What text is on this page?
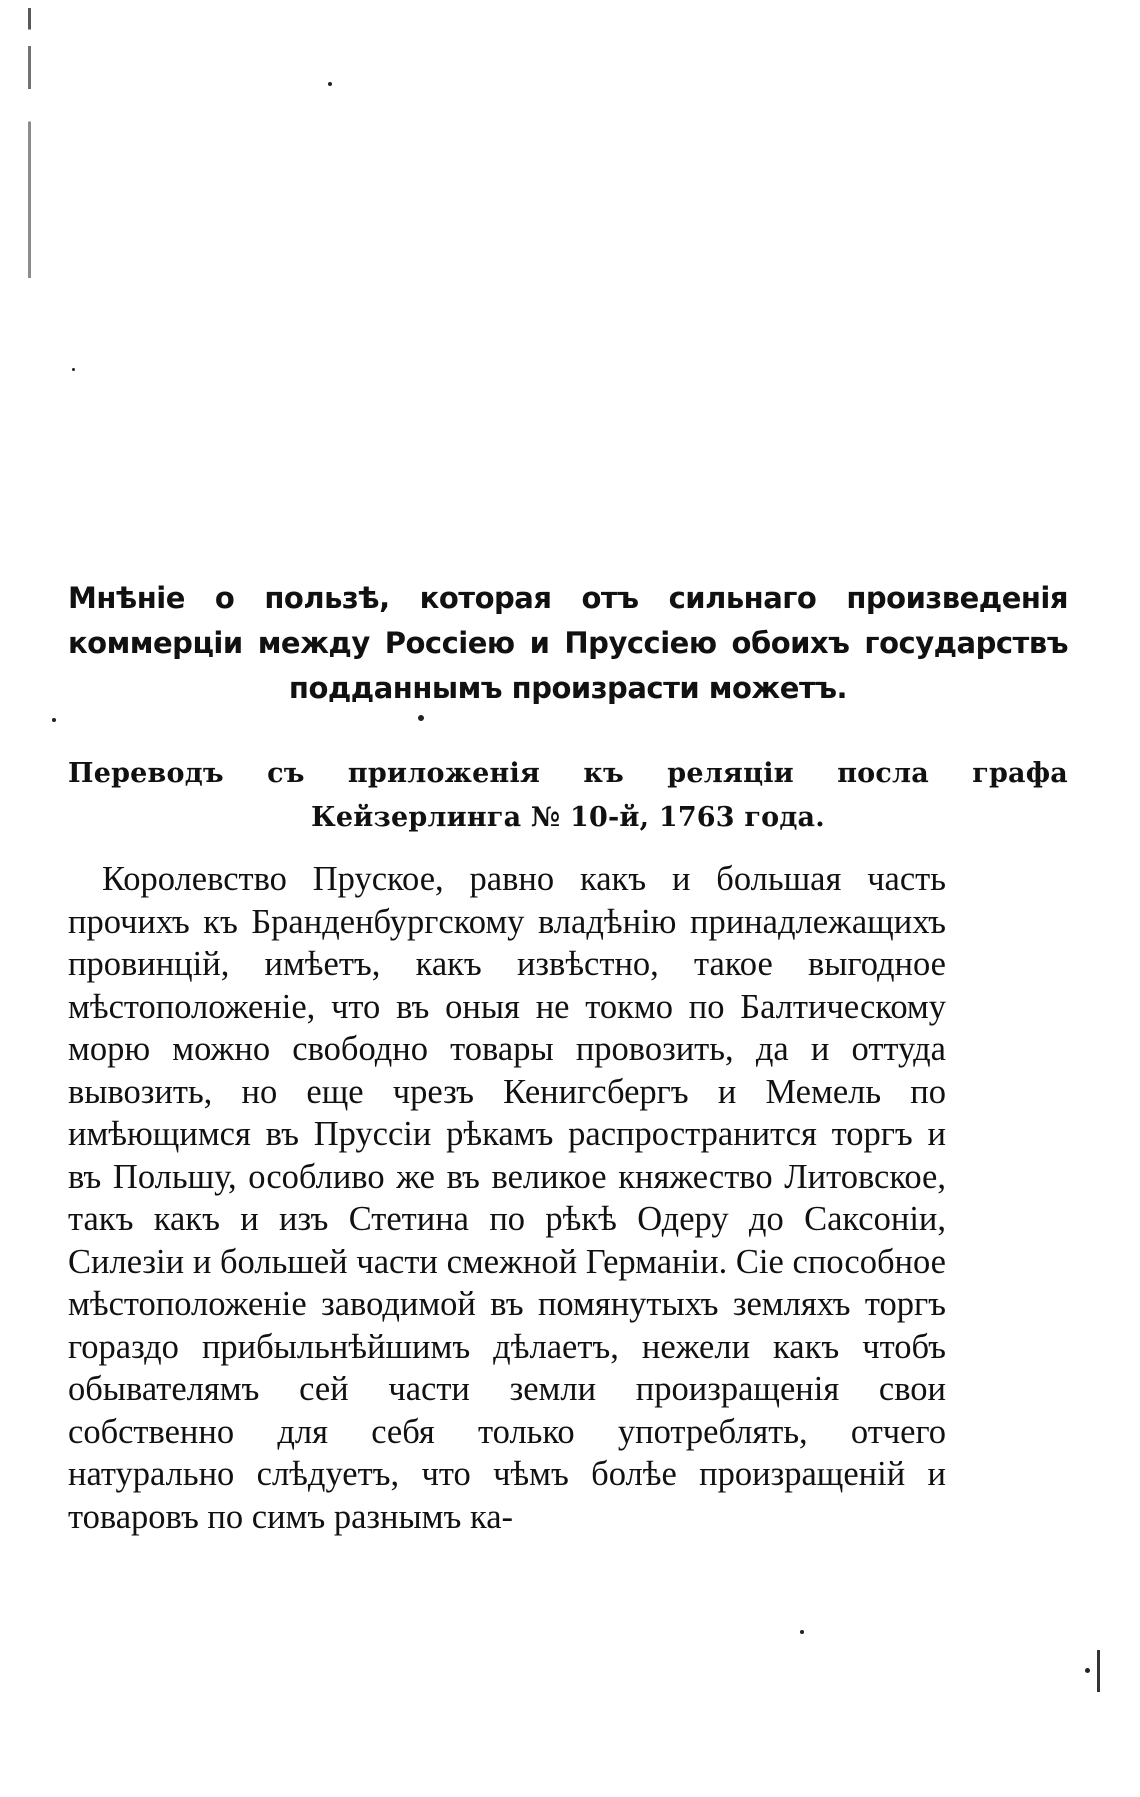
Мнѣніе о пользѣ, которая отъ сильнаго произведенія коммерціи между Россіею и Пруссіею обоихъ государствъ подданнымъ произрасти можетъ.
Переводъ съ приложенія къ реляціи посла графа Кейзерлинга № 10-й, 1763 года.
Королевство Пруское, равно какъ и большая часть прочихъ къ Бранденбургскому владѣнію принадлежащихъ провинцій, имѣетъ, какъ извѣстно, такое выгодное мѣстоположеніе, что въ оныя не токмо по Балтическому морю можно свободно товары провозить, да и оттуда вывозить, но еще чрезъ Кенигсбергъ и Мемель по имѣющимся въ Пруссіи рѣкамъ распространится торгъ и въ Польшу, особливо же въ великое княжество Литовское, такъ какъ и изъ Стетина по рѣкѣ Одеру до Саксоніи, Силезіи и большей части смежной Германіи. Сіе способное мѣстоположеніе заводимой въ помянутыхъ земляхъ торгъ гораздо прибыльнѣйшимъ дѣлаетъ, нежели какъ чтобъ обывателямъ сей части земли произращенія свои собственно для себя только употреблять, отчего натурально слѣдуетъ, что чѣмъ болѣе произращеній и товаровъ по симъ разнымъ ка-
